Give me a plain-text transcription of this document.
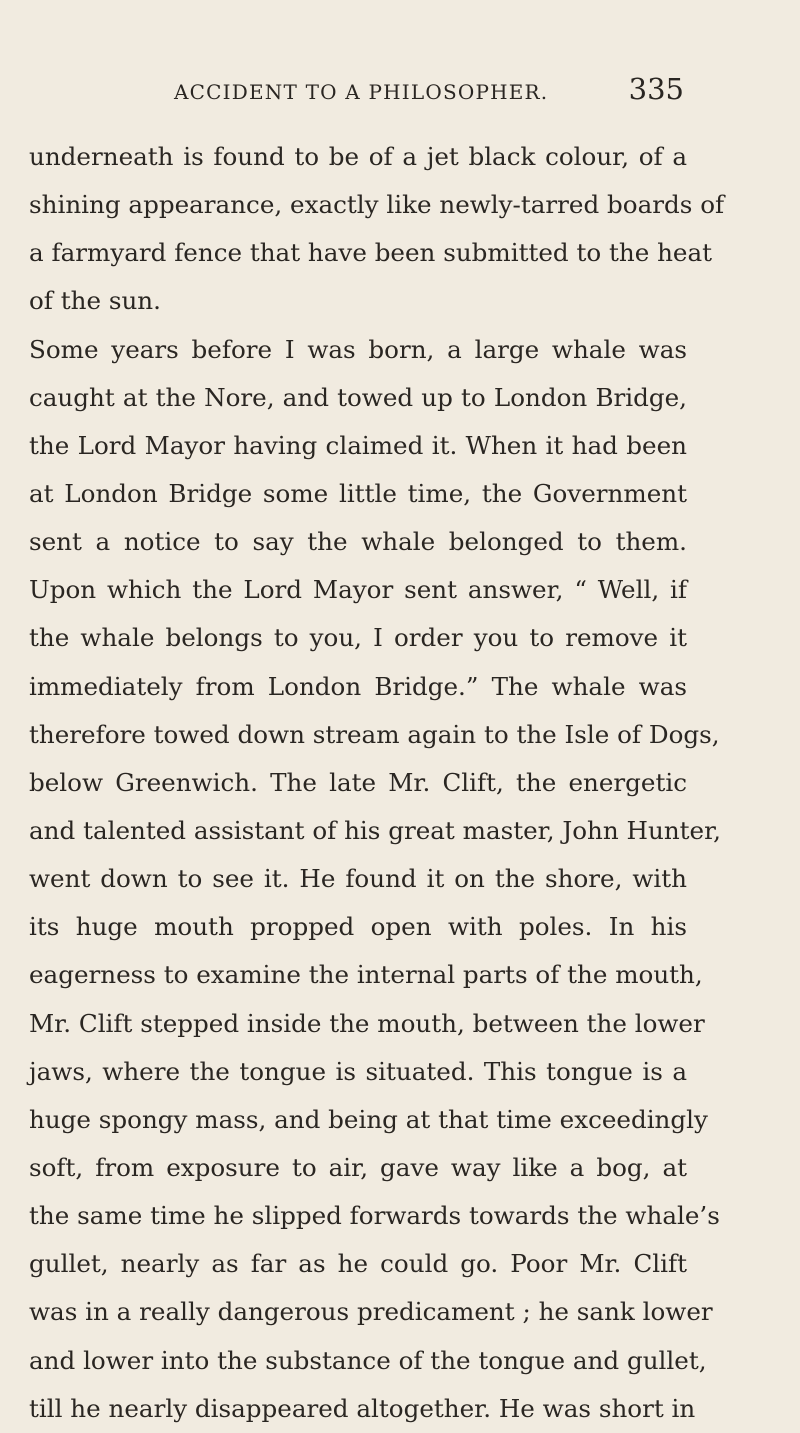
ACCIDENT TO A PHILOSOPHER.	335
underneath is found to be of a jet black colour, of a
shining appearance, exactly like newly-tarred boards of
a farmyard fence that have been submitted to the heat
of the sun.
Some years before I was born, a large whale was
caught at the Nore, and towed up to London Bridge,
the Lord Mayor having claimed it. When it had been
at London Bridge some little time, the Government
sent a notice to say the whale belonged to them.
Upon which the Lord Mayor sent answer, “ Well, if
the whale belongs to you, I order you to remove it
immediately from London Bridge.” The whale was
therefore towed down stream again to the Isle of Dogs,
below Greenwich. The late Mr. Clift, the energetic
and talented assistant of his great master, John Hunter,
went down to see it. He found it on the shore, with
its huge mouth propped open with poles. In his
eagerness to examine the internal parts of the mouth,
Mr. Clift stepped inside the mouth, between the lower
jaws, where the tongue is situated. This tongue is a
huge spongy mass, and being at that time exceedingly
soft, from exposure to air, gave way like a bog, at
the same time he slipped forwards towards the whale’s
gullet, nearly as far as he could go. Poor Mr. Clift
was in a really dangerous predicament ; he sank lower
and lower into the substance of the tongue and gullet,
till he nearly disappeared altogether. He was short in
